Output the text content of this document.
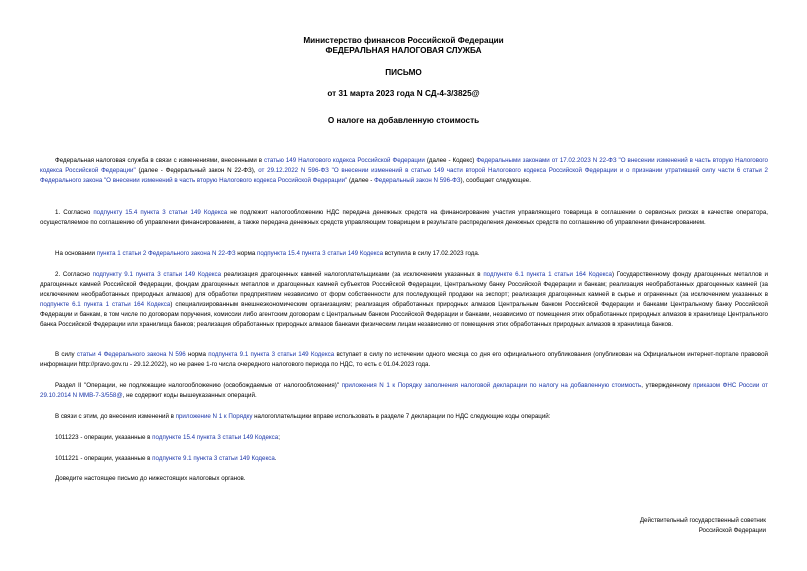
Министерство финансов Российской Федерации
ФЕДЕРАЛЬНАЯ НАЛОГОВАЯ СЛУЖБА
ПИСЬМО
от 31 марта 2023 года N СД-4-3/3825@
О налоге на добавленную стоимость
Федеральная налоговая служба в связи с изменениями, внесенными в статью 149 Налогового кодекса Российской Федерации (далее - Кодекс) Федеральными законами от 17.02.2023 N 22-ФЗ "О внесении изменений в часть вторую Налогового кодекса Российской Федерации" (далее - Федеральный закон N 22-ФЗ), от 29.12.2022 N 596-ФЗ "О внесении изменений в статью 149 части второй Налогового кодекса Российской Федерации и о признании утратившей силу части 6 статьи 2 Федерального закона "О внесении изменений в часть вторую Налогового кодекса Российской Федерации" (далее - Федеральный закон N 596-ФЗ), сообщает следующее.
1. Согласно подпункту 15.4 пункта 3 статьи 149 Кодекса не подлежит налогообложению НДС передача денежных средств на финансирование участия управляющего товарища в соглашении о сервисных рисках в качестве оператора, осуществляемое по соглашению об управлении финансированием, а также передача денежных средств управляющим товарищем в результате распределения денежных средств по соглашению об управлении финансированием.
На основании пункта 1 статьи 2 Федерального закона N 22-ФЗ норма подпункта 15.4 пункта 3 статьи 149 Кодекса вступила в силу 17.02.2023 года.
2. Согласно подпункту 9.1 пункта 3 статьи 149 Кодекса реализация драгоценных камней налогоплательщиками (за исключением указанных в подпункте 6.1 пункта 1 статьи 164 Кодекса) Государственному фонду драгоценных металлов и драгоценных камней Российской Федерации, фондам драгоценных металлов и драгоценных камней субъектов Российской Федерации, Центральному банку Российской Федерации и банкам; реализация необработанных драгоценных камней (за исключением необработанных природных алмазов) для обработки предприятием независимо от форм собственности для последующей продажи на экспорт; реализация драгоценных камней в сырье и ограненных (за исключением указанных в подпункте 6.1 пункта 1 статьи 164 Кодекса) специализированным внешнеэкономическим организациям; реализация обработанных природных алмазов Центральным банком Российской Федерации и банками Центральному банку Российской Федерации и банкам, в том числе по договорам поручения, комиссии либо агентским договорам с Центральным банком Российской Федерации и банками, независимо от помещения этих обработанных природных алмазов в хранилище Центрального банка Российской Федерации или хранилища банков; реализация обработанных природных алмазов банками физическим лицам независимо от помещения этих обработанных природных алмазов в хранилища банков.
В силу статьи 4 Федерального закона N 596 норма подпункта 9.1 пункта 3 статьи 149 Кодекса вступает в силу по истечении одного месяца со дня его официального опубликования (опубликован на Официальном интернет-портале правовой информации http://pravo.gov.ru - 29.12.2022), но не ранее 1-го числа очередного налогового периода по НДС, то есть с 01.04.2023 года.
Раздел II "Операции, не подлежащие налогообложению (освобождаемые от налогообложения)" приложения N 1 к Порядку заполнения налоговой декларации по налогу на добавленную стоимость, утвержденному приказом ФНС России от 29.10.2014 N ММВ-7-3/558@, не содержит коды вышеуказанных операций.
В связи с этим, до внесения изменений в приложение N 1 к Порядку налогоплательщики вправе использовать в разделе 7 декларации по НДС следующие коды операций:
1011223 - операции, указанные в подпункте 15.4 пункта 3 статьи 149 Кодекса;
1011221 - операции, указанные в подпункте 9.1 пункта 3 статьи 149 Кодекса.
Доведите настоящее письмо до нижестоящих налоговых органов.
Действительный государственный советник
Российской Федерации
